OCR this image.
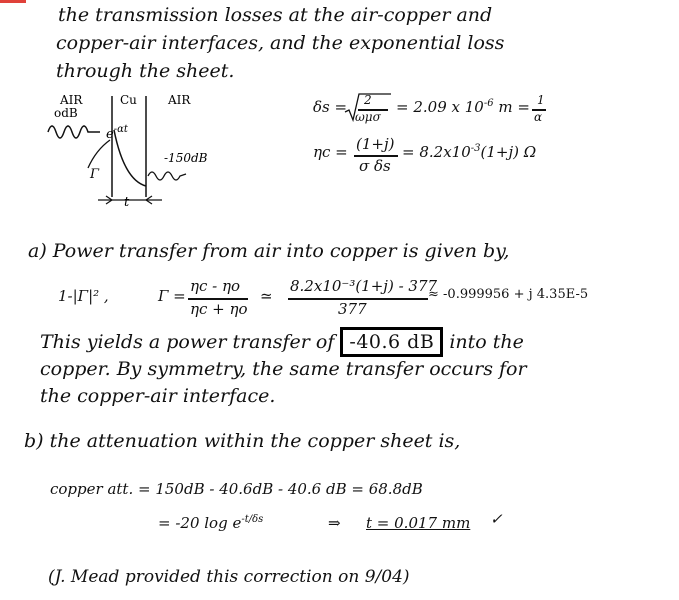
the transmission losses at the air-copper and
copper-air interfaces, and the exponential loss
through the sheet.
AIR
odB
Cu	AIR
$e^{-\alpha t}$
Γ
-150dB
t
δs = 2
ωμσ
= 2.09 x $10^{-6}$ m = 1
α
ηc = (1+j)
σ δs
= $8.2x10^{-3}(1+j)$ Ω
a) Power transfer from air into copper is given by,
1-|Γ|² ,	Γ =
ηc - ηo
ηc + ηo
≃
8.2x10⁻³(1+j) - 377
377
≈ -0.999956 + j 4.35E-5
This yields a power transfer of -40.6 dB into the
copper. By symmetry, the same transfer occurs for
the copper-air interface.
b) the attenuation within the copper sheet is,
copper att. = 150dB - 40.6dB - 40.6 dB = 68.8dB
= -20 $\log e^{-t/\delta s}$	⇒ t = 0.017 mm ✓
(J. Mead provided this correction on 9/04)
